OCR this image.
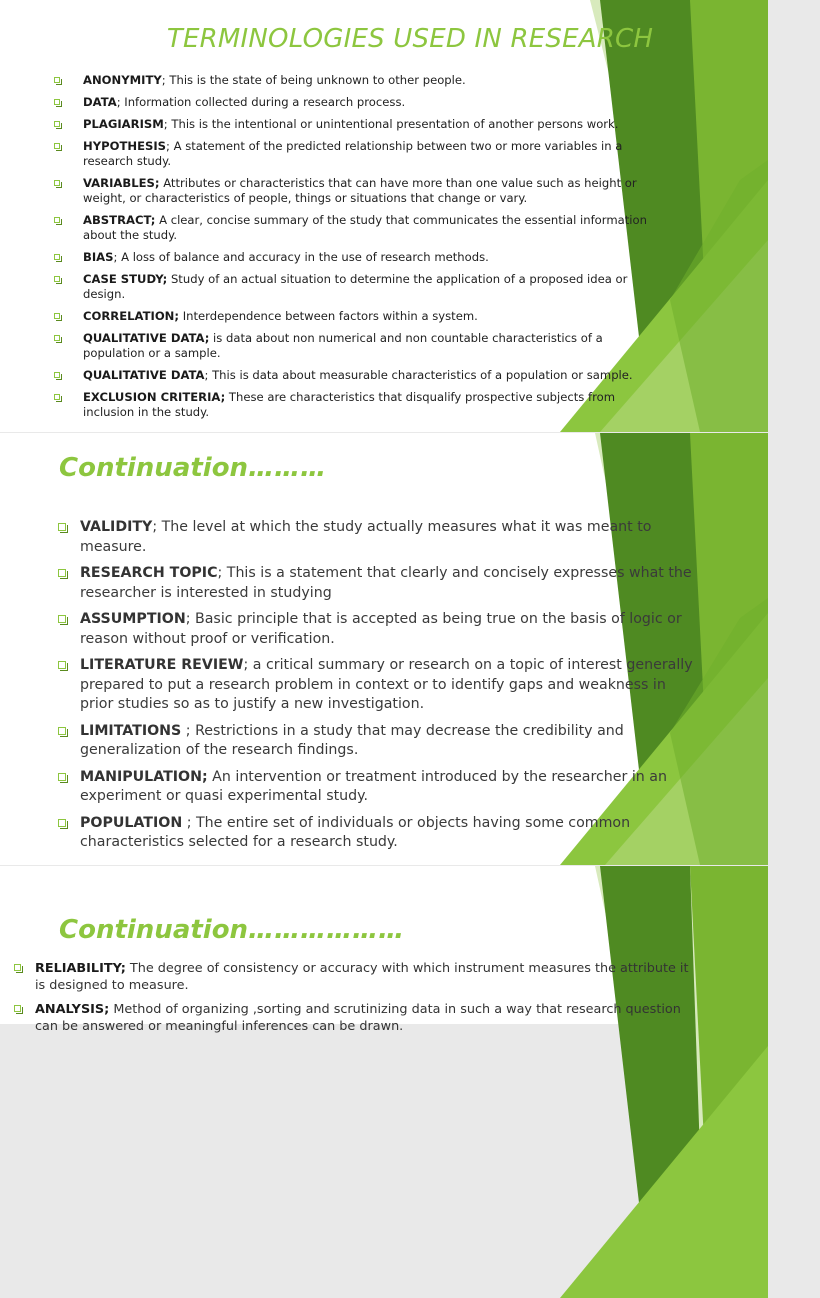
TERMINOLOGIES USED IN RESEARCH
ANONYMITY; This is the state of being unknown to other people.
DATA; Information collected during a research process.
PLAGIARISM; This is the intentional or unintentional presentation of another persons work.
HYPOTHESIS; A statement of the predicted relationship between two or more variables in a research study.
VARIABLES; Attributes or characteristics that can have more than one value such as height or weight, or characteristics of people, things or situations that change or vary.
ABSTRACT; A clear, concise summary of the study that communicates the essential information about the study.
BIAS; A loss of balance and accuracy in the use of research methods.
CASE STUDY; Study of an actual situation to determine the application of a proposed idea or design.
CORRELATION; Interdependence between factors within a system.
QUALITATIVE DATA; is data about non numerical and non countable characteristics of a population or a sample.
QUALITATIVE DATA; This is data about measurable characteristics of a population or sample.
EXCLUSION CRITERIA; These are characteristics that disqualify prospective subjects from inclusion in the study.
Continuation………
VALIDITY; The level at which the study actually measures what it was meant to measure.
RESEARCH TOPIC; This is a statement that clearly and concisely expresses what the researcher is interested in studying
ASSUMPTION; Basic principle that is accepted as being true on the basis of logic or reason without proof or verification.
LITERATURE REVIEW; a critical summary or research on a topic of interest generally prepared to put a research problem in context or to identify gaps and weakness in prior studies so as to justify a new investigation.
LIMITATIONS ; Restrictions in a study that may decrease the credibility and generalization of the research findings.
MANIPULATION; An intervention or treatment introduced by the researcher in an experiment or quasi experimental study.
POPULATION ; The entire set of individuals or objects having some common characteristics selected for a research study.
Continuation………………
RELIABILITY; The degree of consistency or accuracy with which instrument measures the attribute it is designed to measure.
ANALYSIS; Method of organizing ,sorting and scrutinizing data in such a way that research question can be answered or meaningful inferences can be drawn.
